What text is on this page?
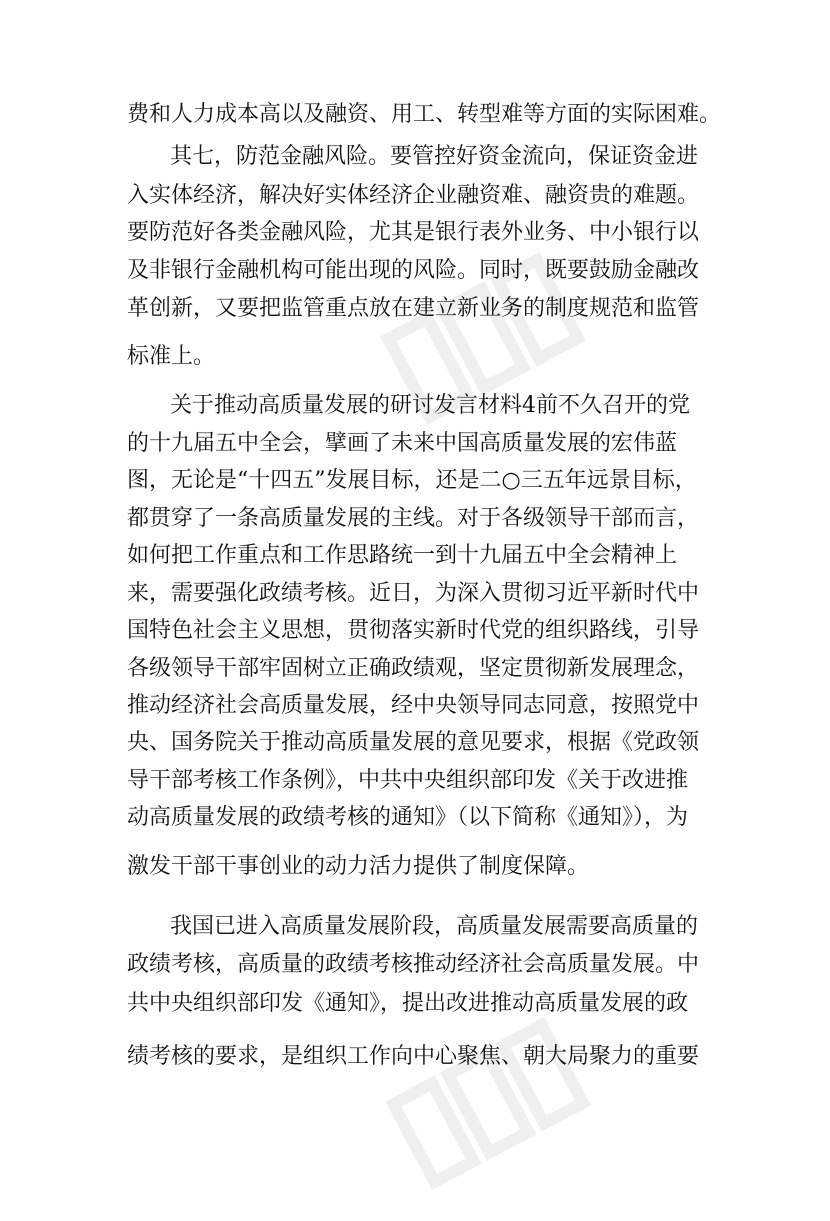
费和人力成本高以及融资、用工、转型难等方面的实际困难。
其七，防范金融风险。要管控好资金流向，保证资金进
入实体经济，解决好实体经济企业融资难、融资贵的难题。
要防范好各类金融风险，尤其是银行表外业务、中小银行以
及非银行金融机构可能出现的风险。同时，既要鼓励金融改
革创新，又要把监管重点放在建立新业务的制度规范和监管
标准上。
关于推动高质量发展的研讨发言材料4前不久召开的党
的十九届五中全会，擘画了未来中国高质量发展的宏伟蓝
图，无论是“十四五”发展目标，还是二○三五年远景目标，
都贯穿了一条高质量发展的主线。对于各级领导干部而言，
如何把工作重点和工作思路统一到十九届五中全会精神上
来，需要强化政绩考核。近日，为深入贯彻习近平新时代中
国特色社会主义思想，贯彻落实新时代党的组织路线，引导
各级领导干部牢固树立正确政绩观，坚定贯彻新发展理念，
推动经济社会高质量发展，经中央领导同志同意，按照党中
央、国务院关于推动高质量发展的意见要求，根据《党政领
导干部考核工作条例》，中共中央组织部印发《关于改进推
动高质量发展的政绩考核的通知》（以下简称《通知》），为
激发干部干事创业的动力活力提供了制度保障。
我国已进入高质量发展阶段，高质量发展需要高质量的
政绩考核，高质量的政绩考核推动经济社会高质量发展。中
共中央组织部印发《通知》，提出改进推动高质量发展的政
绩考核的要求，是组织工作向中心聚焦、朝大局聚力的重要
